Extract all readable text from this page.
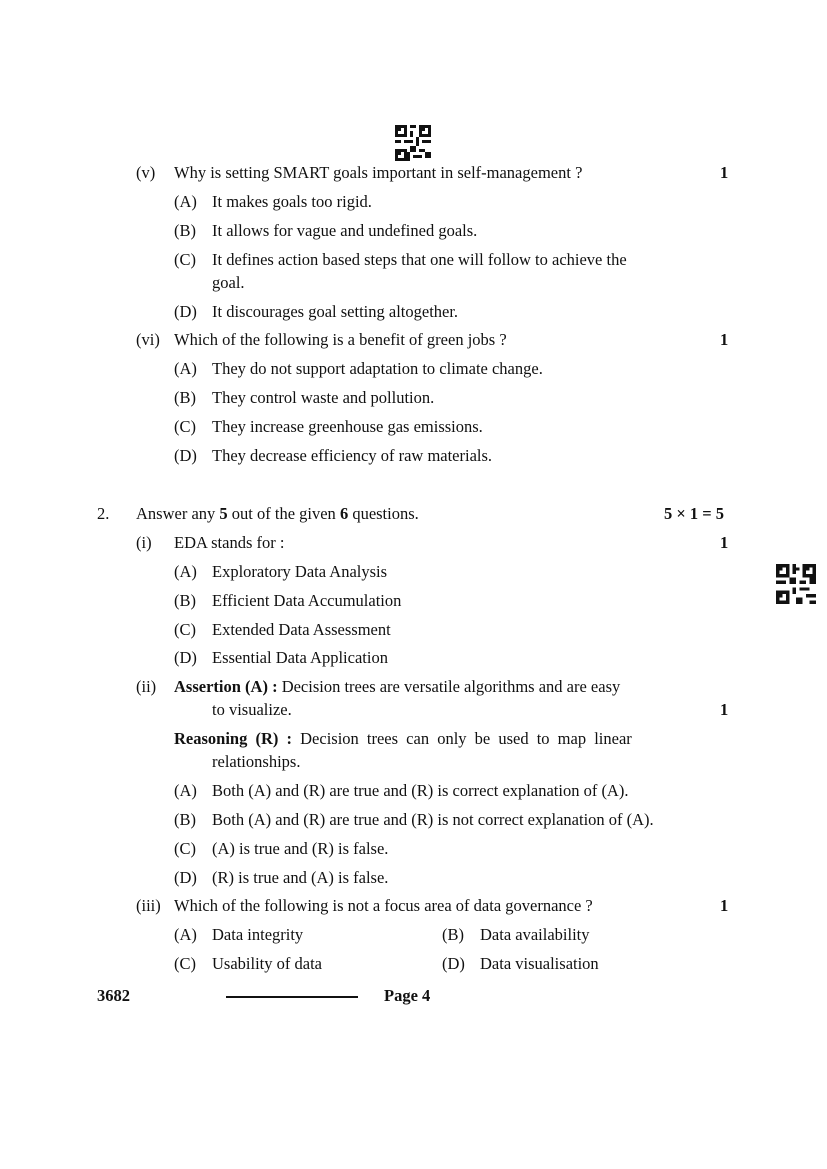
(v) Why is setting SMART goals important in self-management ?	1
(A) It makes goals too rigid.
(B) It allows for vague and undefined goals.
(C) It defines action based steps that one will follow to achieve the
goal.
(D) It discourages goal setting altogether.
(vi) Which of the following is a benefit of green jobs ?	1
(A) They do not support adaptation to climate change.
(B) They control waste and pollution.
(C) They increase greenhouse gas emissions.
(D) They decrease efficiency of raw materials.
2. Answer any 5 out of the given 6 questions.	5 × 1 = 5
(i) EDA stands for :	1
(A) Exploratory Data Analysis
(B) Efficient Data Accumulation
(C) Extended Data Assessment
(D) Essential Data Application
(ii) Assertion (A) : Decision trees are versatile algorithms and are easy
to visualize.	1
Reasoning (R) : Decision trees can only be used to map linear
relationships.
(A) Both (A) and (R) are true and (R) is correct explanation of (A).
(B) Both (A) and (R) are true and (R) is not correct explanation of (A).
(C) (A) is true and (R) is false.
(D) (R) is true and (A) is false.
(iii) Which of the following is not a focus area of data governance ?	1
(A) Data integrity	(B) Data availability
(C) Usability of data	(D) Data visualisation
3682	Page 4
